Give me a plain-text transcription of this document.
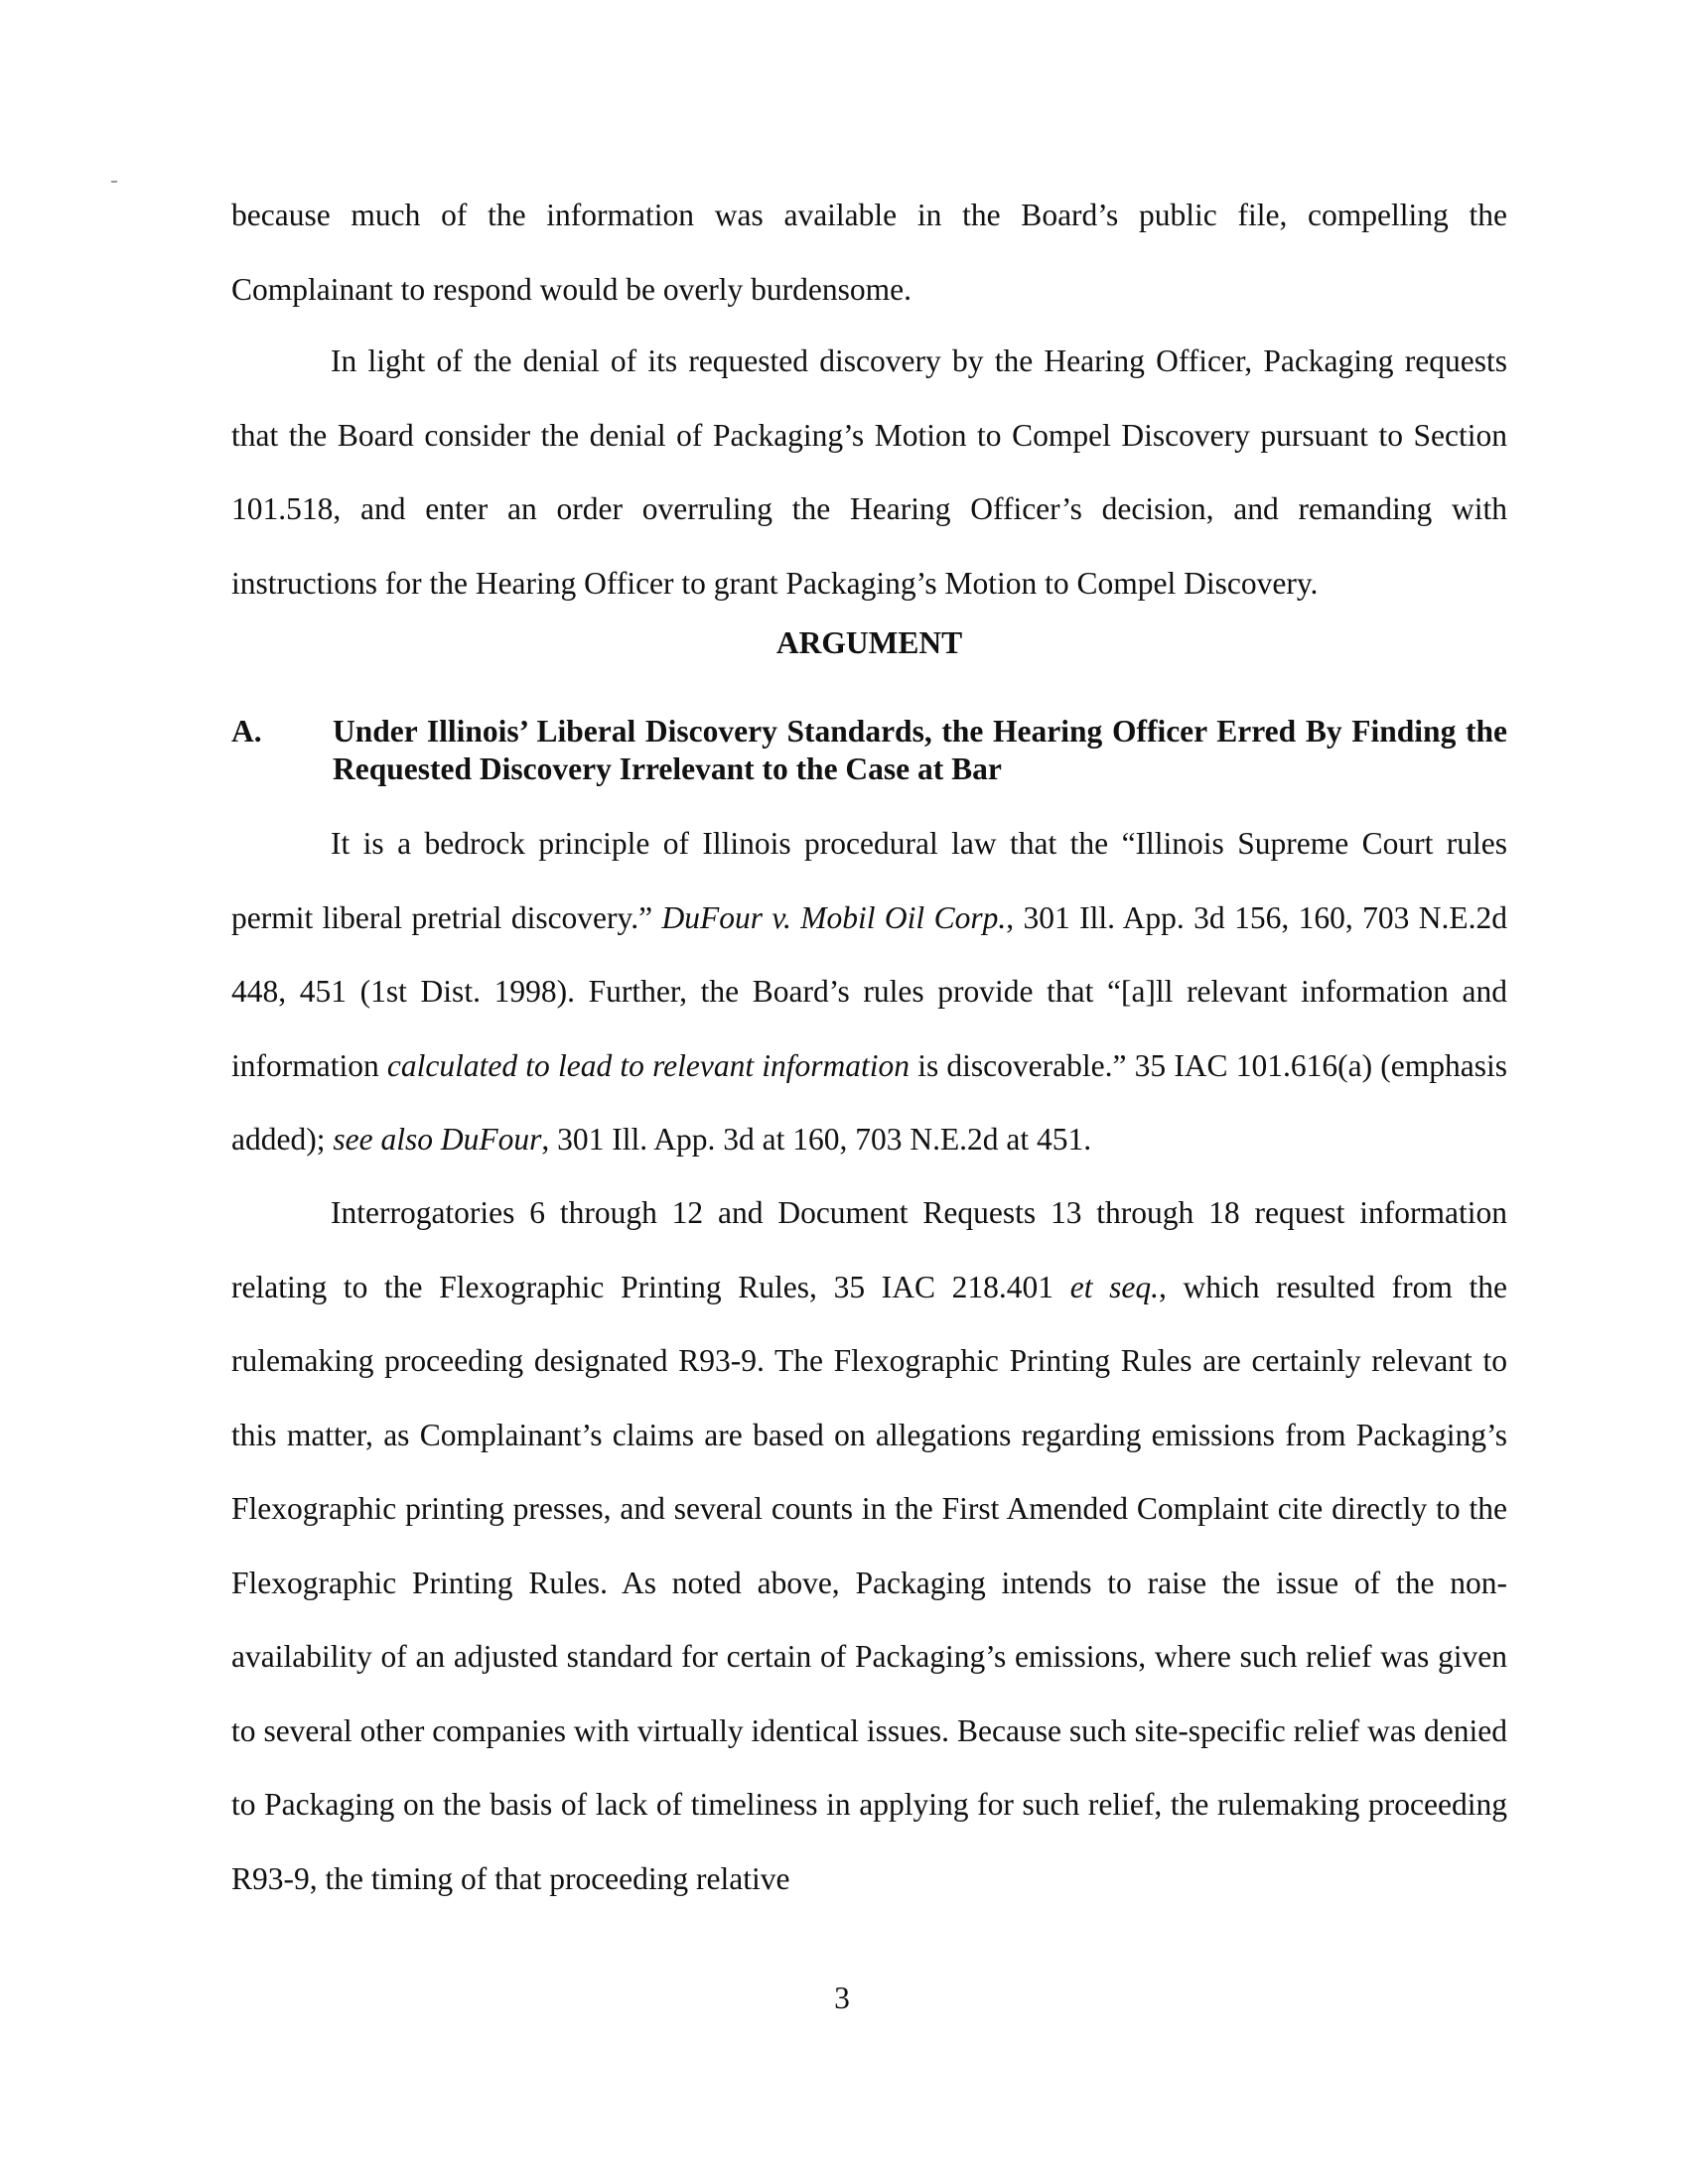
because much of the information was available in the Board’s public file, compelling the Complainant to respond would be overly burdensome.
In light of the denial of its requested discovery by the Hearing Officer, Packaging requests that the Board consider the denial of Packaging’s Motion to Compel Discovery pursuant to Section 101.518, and enter an order overruling the Hearing Officer’s decision, and remanding with instructions for the Hearing Officer to grant Packaging’s Motion to Compel Discovery.
ARGUMENT
A. Under Illinois’ Liberal Discovery Standards, the Hearing Officer Erred By Finding the Requested Discovery Irrelevant to the Case at Bar
It is a bedrock principle of Illinois procedural law that the “Illinois Supreme Court rules permit liberal pretrial discovery.” DuFour v. Mobil Oil Corp., 301 Ill. App. 3d 156, 160, 703 N.E.2d 448, 451 (1st Dist. 1998). Further, the Board’s rules provide that “[a]ll relevant information and information calculated to lead to relevant information is discoverable.” 35 IAC 101.616(a) (emphasis added); see also DuFour, 301 Ill. App. 3d at 160, 703 N.E.2d at 451.
Interrogatories 6 through 12 and Document Requests 13 through 18 request information relating to the Flexographic Printing Rules, 35 IAC 218.401 et seq., which resulted from the rulemaking proceeding designated R93-9. The Flexographic Printing Rules are certainly relevant to this matter, as Complainant’s claims are based on allegations regarding emissions from Packaging’s Flexographic printing presses, and several counts in the First Amended Complaint cite directly to the Flexographic Printing Rules. As noted above, Packaging intends to raise the issue of the non-availability of an adjusted standard for certain of Packaging’s emissions, where such relief was given to several other companies with virtually identical issues. Because such site-specific relief was denied to Packaging on the basis of lack of timeliness in applying for such relief, the rulemaking proceeding R93-9, the timing of that proceeding relative
3
